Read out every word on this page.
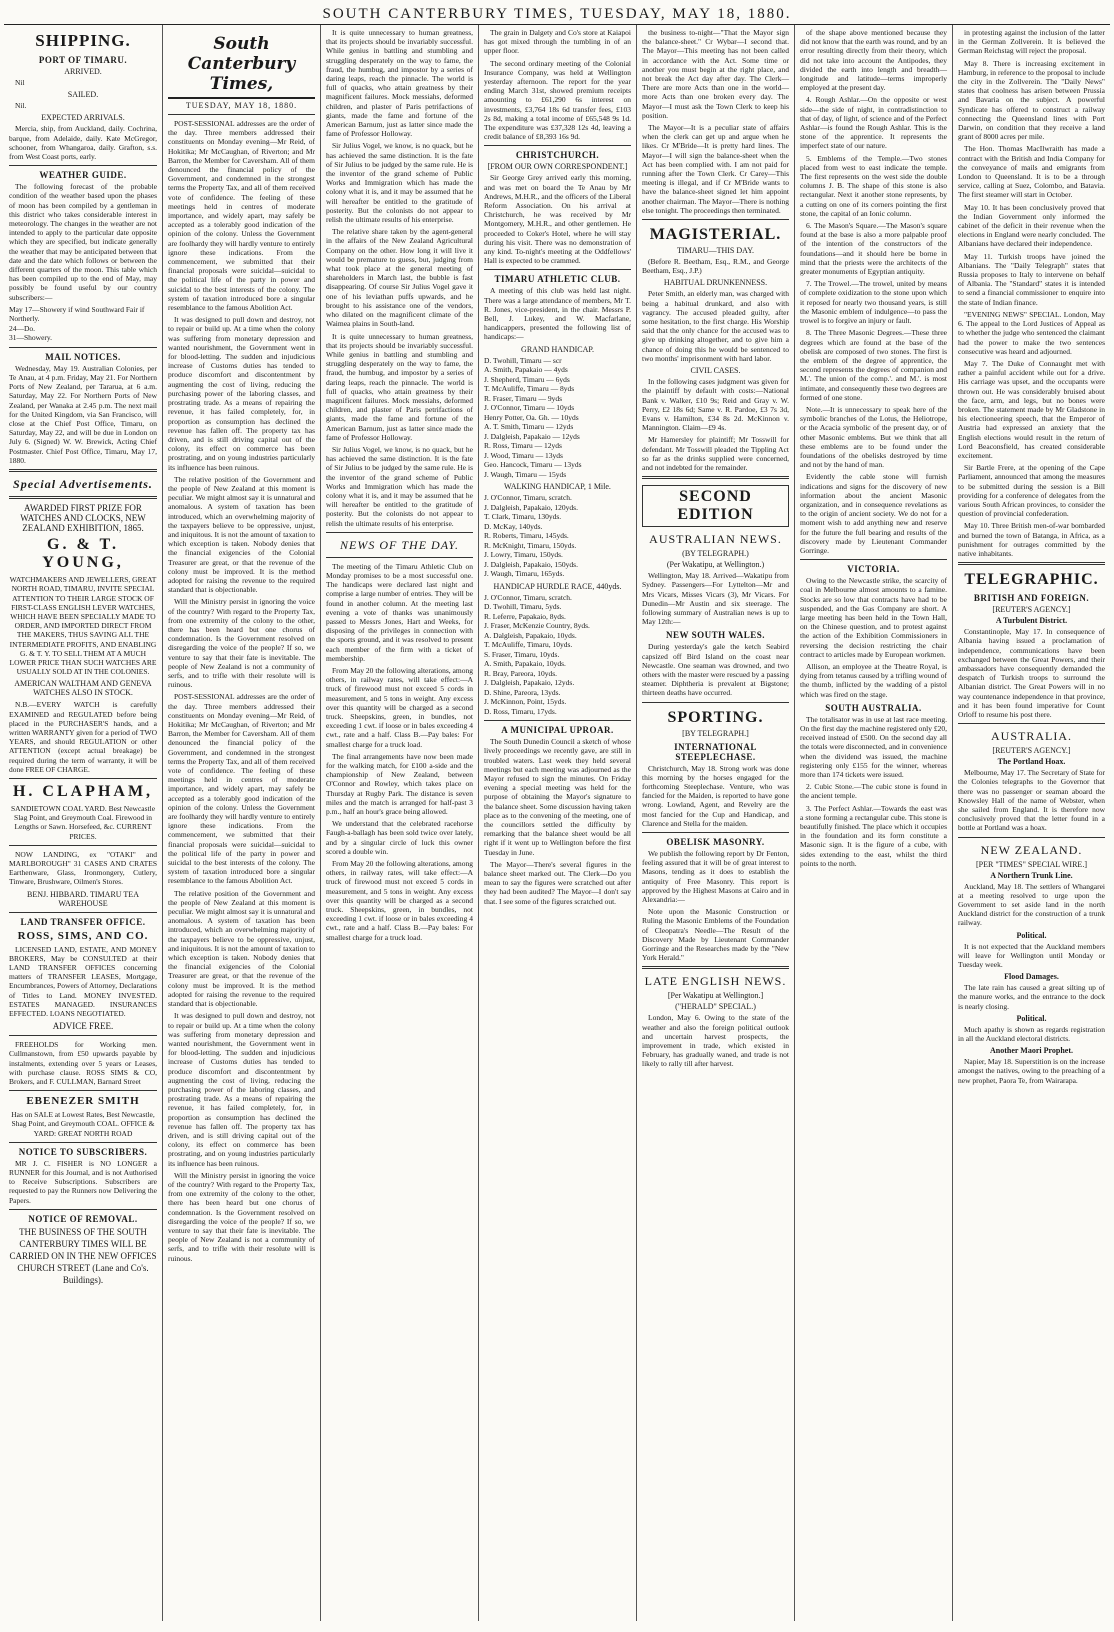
SOUTH CANTERBURY TIMES, TUESDAY, MAY 18, 1880.
SHIPPING.
PORT OF TIMARU.
ARRIVED.

Nil

SAILED.

Nil.

EXPECTED ARRIVALS.

Mercia, ship, from Auckland, daily. Cochrina, barque, from Adelaide, daily. Kate McGregor, schooner, from Whangaroa, daily. Grafton, s.s. from West Coast ports, early.

WEATHER GUIDE.

The following forecast of the probable condition of the weather based upon the phases of moon has been compiled by a gentleman in this district who takes considerable interest in meteorology. The changes in the weather are not intended to apply to the particular date opposite which they are specified, but indicate generally the weather that may be anticipated between that date and the date which follows or between the different quarters of the moon. This table which has been compiled up to the end of May, may possibly be found useful by our country subscribers:—

May 17—Showery if wind Southward Fair if Northerly.
24—Do.
31—Showery.
MAIL NOTICES.

Wednesday, May 19. Australian Colonies, per Te Anau, at 4 p.m. Friday, May 21. For Northern Ports of New Zealand, per Tararua, at 6 a.m. Saturday, May 22. For Northern Ports of New Zealand, per Wanaka at 2.45 p.m. The next mail for the United Kingdom, via San Francisco, will close at the Chief Post Office, Timaru, on Saturday, May 22, and will be due in London on July 6. (Signed) W. W. Brewick, Acting Chief Postmaster. Chief Post Office, Timaru, May 17, 1880.

Special Advertisements.
AWARDED FIRST PRIZE FOR WATCHES AND CLOCKS, NEW ZEALAND EXHIBITION, 1865.
G. & T. YOUNG,

WATCHMAKERS AND JEWELLERS, GREAT NORTH ROAD, TIMARU, INVITE SPECIAL ATTENTION TO THEIR LARGE STOCK OF FIRST-CLASS ENGLISH LEVER WATCHES, WHICH HAVE BEEN SPECIALLY MADE TO ORDER, AND IMPORTED DIRECT FROM THE MAKERS, THUS SAVING ALL THE INTERMEDIATE PROFITS, AND ENABLING G. & T. Y. TO SELL THEM AT A MUCH LOWER PRICE THAN SUCH WATCHES ARE USUALLY SOLD AT IN THE COLONIES.

AMERICAN WALTHAM AND GENEVA WATCHES ALSO IN STOCK.

N.B.—EVERY WATCH is carefully EXAMINED and REGULATED before being placed in the PURCHASER'S hands, and a written WARRANTY given for a period of TWO YEARS, and should REGULATION or other ATTENTION (except actual breakage) be required during the term of warranty, it will be done FREE OF CHARGE.

H. CLAPHAM,

SANDIETOWN COAL YARD. Best Newcastle Slag Point, and Greymouth Coal. Firewood in Lengths or Sawn. Horsefeed, &c. CURRENT PRICES.

NOW LANDING, ex "OTAKI" and MARLBOROUGH" 31 CASES AND CRATES Earthenware, Glass, Ironmongery, Cutlery, Tinware, Brushware, Oilmen's Stores.

BENJ. HIBBARD. TIMARU TEA WAREHOUSE
LAND TRANSFER OFFICE.
ROSS, SIMS, AND CO.

LICENSED LAND, ESTATE, AND MONEY BROKERS, May be CONSULTED at their LAND TRANSFER OFFICES concerning matters of TRANSFER LEASES, Mortgage, Encumbrances, Powers of Attorney, Declarations of Titles to Land. MONEY INVESTED. ESTATES MANAGED. INSURANCES EFFECTED. LOANS NEGOTIATED.

ADVICE FREE.

FREEHOLDS for Working men. Cullmanstown, from £50 upwards payable by instalments, extending over 5 years or Leases, with purchase clause. ROSS SIMS & CO, Brokers, and F. CULLMAN, Barnard Street

EBENEZER SMITH

Has on SALE at Lowest Rates, Best Newcastle, Shag Point, and Greymouth COAL. OFFICE & YARD: GREAT NORTH ROAD

NOTICE TO SUBSCRIBERS.

MR J. C. FISHER is NO LONGER a RUNNER for this Journal, and is not Authorised to Receive Subscriptions. Subscribers are requested to pay the Runners now Delivering the Papers.

NOTICE OF REMOVAL.

THE BUSINESS OF THE SOUTH CANTERBURY TIMES WILL BE CARRIED ON IN THE NEW OFFICES CHURCH STREET (Lane and Co's. Buildings).

South Canterbury Times,
TUESDAY, MAY 18, 1880.

POST-SESSIONAL addresses are the order of the day. Three members addressed their constituents on Monday evening—Mr Reid, of Hokitika; Mr McCaughan, of Riverton; and Mr Barron, the Member for Caversham. All of them denounced the financial policy of the Government, and condemned in the strongest terms the Property Tax, and all of them received vote of confidence. The feeling of these meetings held in centres of moderate importance, and widely apart, may safely be accepted as a tolerably good indication of the opinion of the colony. Unless the Government are foolhardy they will hardly venture to entirely ignore these indications. From the commencement, we submitted that their financial proposals were suicidal—suicidal to the political life of the party in power and suicidal to the best interests of the colony. The system of taxation introduced bore a singular resemblance to the famous Abolition Act.

It was designed to pull down and destroy, not to repair or build up. At a time when the colony was suffering from monetary depression and wanted nourishment, the Government went in for blood-letting. The sudden and injudicious increase of Customs duties has tended to produce discomfort and discontentment by augmenting the cost of living, reducing the purchasing power of the laboring classes, and prostrating trade. As a means of repairing the revenue, it has failed completely, for, in proportion as consumption has declined the revenue has fallen off. The property tax has driven, and is still driving capital out of the colony, its effect on commerce has been prostrating, and on young industries particularly its influence has been ruinous.

The relative position of the Government and the people of New Zealand at this moment is peculiar. We might almost say it is unnatural and anomalous. A system of taxation has been introduced, which an overwhelming majority of the taxpayers believe to be oppressive, unjust, and iniquitous. It is not the amount of taxation to which exception is taken. Nobody denies that the financial exigencies of the Colonial Treasurer are great, or that the revenue of the colony must be improved. It is the method adopted for raising the revenue to the required standard that is objectionable.

Will the Ministry persist in ignoring the voice of the country? With regard to the Property Tax, from one extremity of the colony to the other, there has been heard but one chorus of condemnation. Is the Government resolved on disregarding the voice of the people? If so, we venture to say that their fate is inevitable. The people of New Zealand is not a community of serfs, and to trifle with their resolute will is ruinous.

POST-SESSIONAL addresses are the order of the day. Three members addressed their constituents on Monday evening—Mr Reid, of Hokitika; Mr McCaughan, of Riverton; and Mr Barron, the Member for Caversham. All of them denounced the financial policy of the Government, and condemned in the strongest terms the Property Tax, and all of them received vote of confidence. The feeling of these meetings held in centres of moderate importance, and widely apart, may safely be accepted as a tolerably good indication of the opinion of the colony. Unless the Government are foolhardy they will hardly venture to entirely ignore these indications. From the commencement, we submitted that their financial proposals were suicidal—suicidal to the political life of the party in power and suicidal to the best interests of the colony. The system of taxation introduced bore a singular resemblance to the famous Abolition Act.

The relative position of the Government and the people of New Zealand at this moment is peculiar. We might almost say it is unnatural and anomalous. A system of taxation has been introduced, which an overwhelming majority of the taxpayers believe to be oppressive, unjust, and iniquitous. It is not the amount of taxation to which exception is taken. Nobody denies that the financial exigencies of the Colonial Treasurer are great, or that the revenue of the colony must be improved. It is the method adopted for raising the revenue to the required standard that is objectionable.

It was designed to pull down and destroy, not to repair or build up. At a time when the colony was suffering from monetary depression and wanted nourishment, the Government went in for blood-letting. The sudden and injudicious increase of Customs duties has tended to produce discomfort and discontentment by augmenting the cost of living, reducing the purchasing power of the laboring classes, and prostrating trade. As a means of repairing the revenue, it has failed completely, for, in proportion as consumption has declined the revenue has fallen off. The property tax has driven, and is still driving capital out of the colony, its effect on commerce has been prostrating, and on young industries particularly its influence has been ruinous.

Will the Ministry persist in ignoring the voice of the country? With regard to the Property Tax, from one extremity of the colony to the other, there has been heard but one chorus of condemnation. Is the Government resolved on disregarding the voice of the people? If so, we venture to say that their fate is inevitable. The people of New Zealand is not a community of serfs, and to trifle with their resolute will is ruinous.

It is quite unnecessary to human greatness, that its projects should be invariably successful. While genius in battling and stumbling and struggling desperately on the way to fame, the fraud, the humbug, and impostor by a series of daring leaps, reach the pinnacle. The world is full of quacks, who attain greatness by their magnificent failures. Mock messiahs, deformed children, and plaster of Paris petrifactions of giants, made the fame and fortune of the American Barnum, just as latter since made the fame of Professor Holloway.

Sir Julius Vogel, we know, is no quack, but he has achieved the same distinction. It is the fate of Sir Julius to be judged by the same rule. He is the inventor of the grand scheme of Public Works and Immigration which has made the colony what it is, and it may be assumed that he will hereafter be entitled to the gratitude of posterity. But the colonists do not appear to relish the ultimate results of his enterprise.

The relative share taken by the agent-general in the affairs of the New Zealand Agricultural Company on the other. How long it will live it would be premature to guess, but, judging from what took place at the general meeting of shareholders in March last, the bubble is fast disappearing. Of course Sir Julius Vogel gave it one of his leviathan puffs upwards, and he brought to his assistance one of the vendors, who dilated on the magnificent climate of the Waimea plains in South-land.

It is quite unnecessary to human greatness, that its projects should be invariably successful. While genius in battling and stumbling and struggling desperately on the way to fame, the fraud, the humbug, and impostor by a series of daring leaps, reach the pinnacle. The world is full of quacks, who attain greatness by their magnificent failures. Mock messiahs, deformed children, and plaster of Paris petrifactions of giants, made the fame and fortune of the American Barnum, just as latter since made the fame of Professor Holloway.

Sir Julius Vogel, we know, is no quack, but he has achieved the same distinction. It is the fate of Sir Julius to be judged by the same rule. He is the inventor of the grand scheme of Public Works and Immigration which has made the colony what it is, and it may be assumed that he will hereafter be entitled to the gratitude of posterity. But the colonists do not appear to relish the ultimate results of his enterprise.

NEWS OF THE DAY.

The meeting of the Timaru Athletic Club on Monday promises to be a most successful one. The handicaps were declared last night and comprise a large number of entries. They will be found in another column. At the meeting last evening a vote of thanks was unanimously passed to Messrs Jones, Hart and Weeks, for disposing of the privileges in connection with the sports ground, and it was resolved to present each member of the firm with a ticket of membership.

From May 20 the following alterations, among others, in railway rates, will take effect:—A truck of firewood must not exceed 5 cords in measurement, and 5 tons in weight. Any excess over this quantity will be charged as a second truck. Sheepskins, green, in bundles, not exceeding 1 cwt. if loose or in bales exceeding 4 cwt., rate and a half. Class B.—Pay bales: For smallest charge for a truck load.

The final arrangements have now been made for the walking match, for £100 a-side and the championship of New Zealand, between O'Connor and Rowley, which takes place on Thursday at Rugby Park. The distance is seven miles and the match is arranged for half-past 3 p.m., half an hour's grace being allowed.

We understand that the celebrated racehorse Faugh-a-ballagh has been sold twice over lately, and by a singular circle of luck this owner scored a double win.

From May 20 the following alterations, among others, in railway rates, will take effect:—A truck of firewood must not exceed 5 cords in measurement, and 5 tons in weight. Any excess over this quantity will be charged as a second truck. Sheepskins, green, in bundles, not exceeding 1 cwt. if loose or in bales exceeding 4 cwt., rate and a half. Class B.—Pay bales: For smallest charge for a truck load.

The grain in Dalgety and Co's store at Kaiapoi has got mixed through the tumbling in of an upper floor.

The second ordinary meeting of the Colonial Insurance Company, was held at Wellington yesterday afternoon. The report for the year ending March 31st, showed premium receipts amounting to £61,290 6s interest on investments, £3,764 18s 6d transfer fees, £103 2s 8d, making a total income of £65,548 9s 1d. The expenditure was £37,328 12s 4d, leaving a credit balance of £8,393 16s 9d.

CHRISTCHURCH.
[FROM OUR OWN CORRESPONDENT.]

Sir George Grey arrived early this morning, and was met on board the Te Anau by Mr Andrews, M.H.R., and the officers of the Liberal Reform Association. On his arrival at Christchurch, he was received by Mr Montgomery, M.H.R., and other gentlemen. He proceeded to Coker's Hotel, where he will stay during his visit. There was no demonstration of any kind. To-night's meeting at the Oddfellows' Hall is expected to be crammed.

TIMARU ATHLETIC CLUB.

A meeting of this club was held last night. There was a large attendance of members, Mr T. R. Jones, vice-president, in the chair. Messrs P. Bell, J. Lukey, and W. Macfarlane, handicappers, presented the following list of handicaps:—

GRAND HANDICAP.
D. Twohill, Timaru — scr
A. Smith, Papakaio — 4yds
J. Shepherd, Timaru — 6yds
T. McAuliffe, Timaru — 8yds
R. Fraser, Timaru — 9yds
J. O'Connor, Timaru — 10yds
Henry Potter, Oa. Gh. — 10yds
A. T. Smith, Timaru — 12yds
J. Dalgleish, Papakaio — 12yds
R. Ross, Timaru — 12yds
J. Wood, Timaru — 13yds
Geo. Hancock, Timaru — 13yds
J. Waugh, Timaru — 15yds
WALKING HANDICAP, 1 Mile.
J. O'Connor, Timaru, scratch.
J. Dalgleish, Papakaio, 120yds.
T. Clark, Timaru, 130yds.
D. McKay, 140yds.
R. Roberts, Timaru, 145yds.
R. McKnight, Timaru, 150yds.
J. Lowry, Timaru, 150yds.
J. Dalgleish, Papakaio, 150yds.
J. Waugh, Timaru, 165yds.
HANDICAP HURDLE RACE, 440yds.
J. O'Connor, Timaru, scratch.
D. Twohill, Timaru, 5yds.
R. Leferre, Papakaio, 8yds.
J. Fraser, McKenzie Country, 8yds.
A. Dalgleish, Papakaio, 10yds.
T. McAuliffe, Timaru, 10yds.
S. Fraser, Timaru, 10yds.
A. Smith, Papakaio, 10yds.
R. Bray, Pareora, 10yds.
J. Dalgleish, Papakaio, 12yds.
D. Shine, Pareora, 13yds.
J. McKinnon, Point, 15yds.
D. Ross, Timaru, 17yds.
A MUNICIPAL UPROAR.

The South Dunedin Council a sketch of whose lively proceedings we recently gave, are still in troubled waters. Last week they held several meetings but each meeting was adjourned as the Mayor refused to sign the minutes. On Friday evening a special meeting was held for the purpose of obtaining the Mayor's signature to the balance sheet. Some discussion having taken place as to the convening of the meeting, one of the councillors settled the difficulty by remarking that the balance sheet would be all right if it went up to Wellington before the first Tuesday in June.

The Mayor—There's several figures in the balance sheet marked out. The Clerk—Do you mean to say the figures were scratched out after they had been audited? The Mayor—I don't say that. I see some of the figures scratched out.

the business to-night—"That the Mayor sign the balance-sheet." Cr Wybar—I second that. The Mayor—This meeting has not been called in accordance with the Act. Some time or another you must begin at the right place, and not break the Act day after day. The Clerk—There are more Acts than one in the world—more Acts than one broken every day. The Mayor—I must ask the Town Clerk to keep his position.

The Mayor—It is a peculiar state of affairs when the clerk can get up and argue when he likes. Cr M'Bride—It is pretty hard lines. The Mayor—I will sign the balance-sheet when the Act has been complied with. I am not paid for running after the Town Clerk. Cr Carey—This meeting is illegal, and if Cr M'Bride wants to have the balance-sheet signed let him appoint another chairman. The Mayor—There is nothing else tonight. The proceedings then terminated.

MAGISTERIAL.
TIMARU—THIS DAY.

(Before R. Beetham, Esq., R.M., and George Beetham, Esq., J.P.)

HABITUAL DRUNKENNESS.

Peter Smith, an elderly man, was charged with being a habitual drunkard, and also with vagrancy. The accused pleaded guilty, after some hesitation, to the first charge. His Worship said that the only chance for the accused was to give up drinking altogether, and to give him a chance of doing this he would be sentenced to two months' imprisonment with hard labor.

CIVIL CASES.

In the following cases judgment was given for the plaintiff by default with costs:—National Bank v. Walker, £10 9s; Reid and Gray v. W. Perry, £2 18s 6d; Same v. R. Pardoe, £3 7s 3d, Evans v. Hamilton, £34 8s 2d. McKinnon v. Mannington. Claim—£9 4s.

Mr Hamersley for plaintiff; Mr Tosswill for defendant. Mr Tosswill pleaded the Tippling Act so far as the drinks supplied were concerned, and not indebted for the remainder.

SECOND EDITION
AUSTRALIAN NEWS.
(BY TELEGRAPH.)
(Per Wakatipu, at Wellington.)

Wellington, May 18. Arrived—Wakatipu from Sydney. Passengers—For Lyttelton—Mr and Mrs Vicars, Misses Vicars (3), Mr Vicars. For Dunedin—Mr Austin and six steerage. The following summary of Australian news is up to May 12th:—

NEW SOUTH WALES.

During yesterday's gale the ketch Seabird capsized off Bird Island on the coast near Newcastle. One seaman was drowned, and two others with the master were rescued by a passing steamer. Diphtheria is prevalent at Bigstone; thirteen deaths have occurred.

SPORTING.
[BY TELEGRAPH.]
INTERNATIONAL STEEPLECHASE.

Christchurch, May 18. Strong work was done this morning by the horses engaged for the forthcoming Steeplechase. Venture, who was fancied for the Maiden, is reported to have gone wrong. Lowland, Agent, and Revelry are the most fancied for the Cup and Handicap, and Clarence and Stella for the maiden.

OBELISK MASONRY.

We publish the following report by Dr Fenton, feeling assured that it will be of great interest to Masons, tending as it does to establish the antiquity of Free Masonry. This report is approved by the Highest Masons at Cairo and in Alexandria:—

Note upon the Masonic Construction or Ruling the Masonic Emblems of the Foundation of Cleopatra's Needle—The Result of the Discovery Made by Lieutenant Commander Gorringe and the Researches made by the "New York Herald."

LATE ENGLISH NEWS.
[Per Wakatipu at Wellington.]
("HERALD" SPECIAL.)

London, May 6. Owing to the state of the weather and also the foreign political outlook and uncertain harvest prospects, the improvement in trade, which existed in February, has gradually waned, and trade is not likely to rally till after harvest.

of the shape above mentioned because they did not know that the earth was round, and by an error resulting directly from their theory, which did not take into account the Antipodes, they divided the earth into length and breadth—longitude and latitude—terms improperly employed at the present day.

4. Rough Ashlar.—On the opposite or west side—the side of night, in contradistinction to that of day, of light, of science and of the Perfect Ashlar—is found the Rough Ashlar. This is the stone of the apprentice. It represents the imperfect state of our nature.

5. Emblems of the Temple.—Two stones placed from west to east indicate the temple. The first represents on the west side the double columns J. B. The shape of this stone is also rectangular. Next it another stone represents, by a cutting on one of its corners pointing the first stone, the capital of an Ionic column.

6. The Mason's Square.—The Mason's square found at the base is also a more palpable proof of the intention of the constructors of the foundations—and it should here be borne in mind that the priests were the architects of the greater monuments of Egyptian antiquity.

7. The Trowel.—The trowel, united by means of complete oxidization to the stone upon which it reposed for nearly two thousand years, is still the Masonic emblem of indulgence—to pass the trowel is to forgive an injury or fault.

8. The Three Masonic Degrees.—These three degrees which are found at the base of the obelisk are composed of two stones. The first is the emblem of the degree of apprentice, the second represents the degrees of companion and M.'. The union of the comp.'. and M.'. is most intimate, and consequently these two degrees are formed of one stone.

Note.—It is unnecessary to speak here of the symbolic branches of the Lotus, the Heliotrope, or the Acacia symbolic of the present day, or of other Masonic emblems. But we think that all these emblems are to be found under the foundations of the obelisks destroyed by time and not by the hand of man.

Evidently the cable stone will furnish indications and signs for the discovery of new information about the ancient Masonic organization, and in consequence revelations as to the origin of ancient society. We do not for a moment wish to add anything new and reserve for the future the full bearing and results of the discovery made by Lieutenant Commander Gorringe.

VICTORIA.

Owing to the Newcastle strike, the scarcity of coal in Melbourne almost amounts to a famine. Stocks are so low that contracts have had to be suspended, and the Gas Company are short. A large meeting has been held in the Town Hall, on the Chinese question, and to protest against the action of the Exhibition Commissioners in reversing the decision restricting the chair contract to articles made by European workmen.

Allison, an employee at the Theatre Royal, is dying from tetanus caused by a trifling wound of the thumb, inflicted by the wadding of a pistol which was fired on the stage.

SOUTH AUSTRALIA.

The totalisator was in use at last race meeting. On the first day the machine registered only £20, received instead of £500. On the second day all the totals were disconnected, and in convenience when the dividend was issued, the machine registering only £155 for the winner, whereas more than 174 tickets were issued.

2. Cubic Stone.—The cubic stone is found in the ancient temple.

3. The Perfect Ashlar.—Towards the east was a stone forming a rectangular cube. This stone is beautifully finished. The place which it occupies in the foundation and its form constitute a Masonic sign. It is the figure of a cube, with sides extending to the east, whilst the third points to the north.

in protesting against the inclusion of the latter in the German Zollverein. It is believed the German Reichstag will reject the proposal.

May 8. There is increasing excitement in Hamburg, in reference to the proposal to include the city in the Zollverein. The "Daily News" states that coolness has arisen between Prussia and Bavaria on the subject. A powerful Syndicate has offered to construct a railway connecting the Queensland lines with Port Darwin, on condition that they receive a land grant of 8000 acres per mile.

The Hon. Thomas MacIlwraith has made a contract with the British and India Company for the conveyance of mails and emigrants from London to Queensland. It is to be a through service, calling at Suez, Colombo, and Batavia. The first steamer will start in October.

May 10. It has been conclusively proved that the Indian Government only informed the cabinet of the deficit in their revenue when the elections in England were nearly concluded. The Albanians have declared their independence.

May 11. Turkish troops have joined the Albanians. The "Daily Telegraph" states that Russia proposes to Italy to intervene on behalf of Albania. The "Standard" states it is intended to send a financial commissioner to enquire into the state of Indian finance.

"EVENING NEWS" SPECIAL. London, May 6. The appeal to the Lord Justices of Appeal as to whether the judge who sentenced the claimant had the power to make the two sentences consecutive was heard and adjourned.

May 7. The Duke of Connaught met with rather a painful accident while out for a drive. His carriage was upset, and the occupants were thrown out. He was considerably bruised about the face, arm, and legs, but no bones were broken. The statement made by Mr Gladstone in his electioneering speech, that the Emperor of Austria had expressed an anxiety that the English elections would result in the return of Lord Beaconsfield, has created considerable excitement.

Sir Bartle Frere, at the opening of the Cape Parliament, announced that among the measures to be submitted during the session is a Bill providing for a conference of delegates from the various South African provinces, to consider the question of provincial confederation.

May 10. Three British men-of-war bombarded and burned the town of Batanga, in Africa, as a punishment for outrages committed by the native inhabitants.

TELEGRAPHIC.
BRITISH AND FOREIGN.
[REUTER'S AGENCY.]
A Turbulent District.

Constantinople, May 17. In consequence of Albania having issued a proclamation of independence, communications have been exchanged between the Great Powers, and their ambassadors have consequently demanded the despatch of Turkish troops to surround the Albanian district. The Great Powers will in no way countenance independence in that province, and it has been found imperative for Count Orloff to resume his post there.

AUSTRALIA.
[REUTER'S AGENCY.]
The Portland Hoax.

Melbourne, May 17. The Secretary of State for the Colonies telegraphs to the Governor that there was no passenger or seaman aboard the Knowsley Hall of the name of Webster, when she sailed from England. It is therefore now conclusively proved that the letter found in a bottle at Portland was a hoax.

NEW ZEALAND.
[PER "TIMES" SPECIAL WIRE.]
A Northern Trunk Line.

Auckland, May 18. The settlers of Whangarei at a meeting resolved to urge upon the Government to set aside land in the north Auckland district for the construction of a trunk railway.

Political.

It is not expected that the Auckland members will leave for Wellington until Monday or Tuesday week.

Flood Damages.

The late rain has caused a great silting up of the manure works, and the entrance to the dock is nearly closing.

Political.

Much apathy is shown as regards registration in all the Auckland electoral districts.

Another Maori Prophet.

Napier, May 18. Superstition is on the increase amongst the natives, owing to the preaching of a new prophet, Paora Te, from Wairarapa.
